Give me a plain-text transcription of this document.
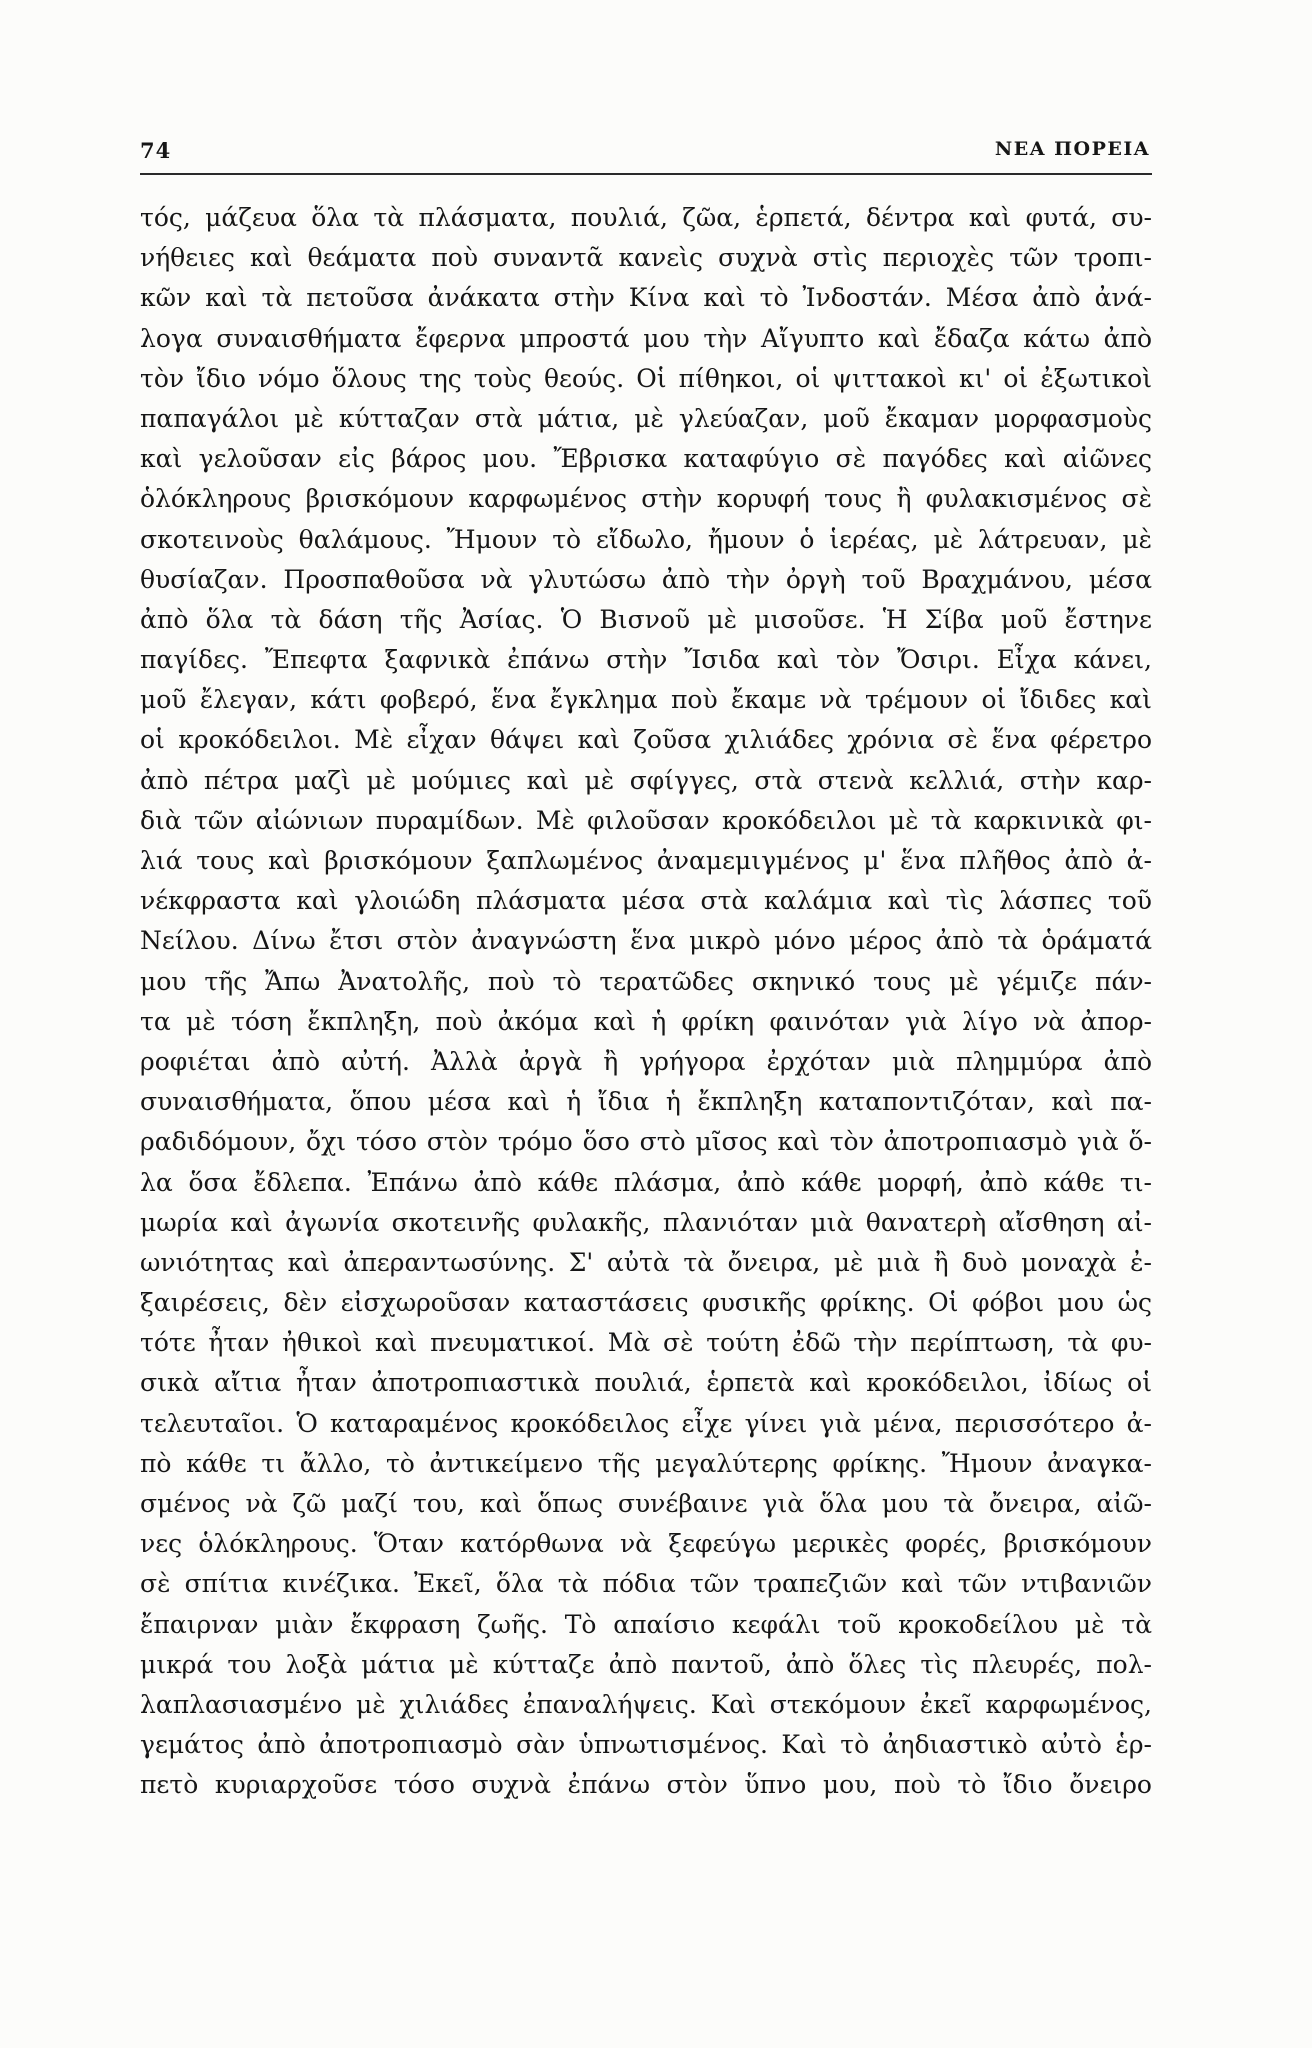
74	ΝΕΑ ΠΟΡΕΙΑ
τός, μάζευα ὅλα τὰ πλάσματα, πουλιά, ζῶα, ἑρπετά, δέντρα καὶ φυτά, συ-
νήθειες καὶ θεάματα ποὺ συναντᾶ κανεὶς συχνὰ στὶς περιοχὲς τῶν τροπι-
κῶν καὶ τὰ πετοῦσα ἀνάκατα στὴν Κίνα καὶ τὸ Ἰνδοστάν. Μέσα ἀπὸ ἀνά-
λογα συναισθήματα ἔφερνα μπροστά μου τὴν Αἴγυπτο καὶ ἔδαζα κάτω ἀπὸ
τὸν ἴδιο νόμο ὅλους της τοὺς θεούς. Οἱ πίθηκοι, οἱ ψιττακοὶ κι' οἱ ἐξωτικοὶ
παπαγάλοι μὲ κύτταζαν στὰ μάτια, μὲ γλεύαζαν, μοῦ ἔκαμαν μορφασμοὺς
καὶ γελοῦσαν εἰς βάρος μου. Ἔβρισκα καταφύγιο σὲ παγόδες καὶ αἰῶνες
ὁλόκληρους βρισκόμουν καρφωμένος στὴν κορυφή τους ἢ φυλακισμένος σὲ
σκοτεινοὺς θαλάμους. Ἤμουν τὸ εἴδωλο, ἤμουν ὁ ἱερέας, μὲ λάτρευαν, μὲ
θυσίαζαν. Προσπαθοῦσα νὰ γλυτώσω ἀπὸ τὴν ὀργὴ τοῦ Βραχμάνου, μέσα
ἀπὸ ὅλα τὰ δάση τῆς Ἀσίας. Ὁ Βισνοῦ μὲ μισοῦσε. Ἡ Σίβα μοῦ ἔστηνε
παγίδες. Ἔπεφτα ξαφνικὰ ἐπάνω στὴν Ἴσιδα καὶ τὸν Ὄσιρι. Εἶχα κάνει,
μοῦ ἔλεγαν, κάτι φοβερό, ἕνα ἔγκλημα ποὺ ἔκαμε νὰ τρέμουν οἱ ἴδιδες καὶ
οἱ κροκόδειλοι. Μὲ εἶχαν θάψει καὶ ζοῦσα χιλιάδες χρόνια σὲ ἕνα φέρετρο
ἀπὸ πέτρα μαζὶ μὲ μούμιες καὶ μὲ σφίγγες, στὰ στενὰ κελλιά, στὴν καρ-
διὰ τῶν αἰώνιων πυραμίδων. Μὲ φιλοῦσαν κροκόδειλοι μὲ τὰ καρκινικὰ φι-
λιά τους καὶ βρισκόμουν ξαπλωμένος ἀναμεμιγμένος μ' ἕνα πλῆθος ἀπὸ ἀ-
νέκφραστα καὶ γλοιώδη πλάσματα μέσα στὰ καλάμια καὶ τὶς λάσπες τοῦ
Νείλου. Δίνω ἔτσι στὸν ἀναγνώστη ἕνα μικρὸ μόνο μέρος ἀπὸ τὰ ὁράματά
μου τῆς Ἄπω Ἀνατολῆς, ποὺ τὸ τερατῶδες σκηνικό τους μὲ γέμιζε πάν-
τα μὲ τόση ἔκπληξη, ποὺ ἀκόμα καὶ ἡ φρίκη φαινόταν γιὰ λίγο νὰ ἀπορ-
ροφιέται ἀπὸ αὐτή. Ἀλλὰ ἀργὰ ἢ γρήγορα ἐρχόταν μιὰ πλημμύρα ἀπὸ
συναισθήματα, ὅπου μέσα καὶ ἡ ἴδια ἡ ἔκπληξη καταποντιζόταν, καὶ πα-
ραδιδόμουν, ὄχι τόσο στὸν τρόμο ὅσο στὸ μῖσος καὶ τὸν ἀποτροπιασμὸ γιὰ ὅ-
λα ὅσα ἔδλεπα. Ἐπάνω ἀπὸ κάθε πλάσμα, ἀπὸ κάθε μορφή, ἀπὸ κάθε τι-
μωρία καὶ ἀγωνία σκοτεινῆς φυλακῆς, πλανιόταν μιὰ θανατερὴ αἴσθηση αἰ-
ωνιότητας καὶ ἀπεραντωσύνης. Σ' αὐτὰ τὰ ὄνειρα, μὲ μιὰ ἢ δυὸ μοναχὰ ἐ-
ξαιρέσεις, δὲν εἰσχωροῦσαν καταστάσεις φυσικῆς φρίκης. Οἱ φόβοι μου ὡς
τότε ἦταν ἠθικοὶ καὶ πνευματικοί. Μὰ σὲ τούτη ἐδῶ τὴν περίπτωση, τὰ φυ-
σικὰ αἴτια ἦταν ἀποτροπιαστικὰ πουλιά, ἑρπετὰ καὶ κροκόδειλοι, ἰδίως οἱ
τελευταῖοι. Ὁ καταραμένος κροκόδειλος εἶχε γίνει γιὰ μένα, περισσότερο ἀ-
πὸ κάθε τι ἄλλο, τὸ ἀντικείμενο τῆς μεγαλύτερης φρίκης. Ἤμουν ἀναγκα-
σμένος νὰ ζῶ μαζί του, καὶ ὅπως συνέβαινε γιὰ ὅλα μου τὰ ὄνειρα, αἰῶ-
νες ὁλόκληρους. Ὅταν κατόρθωνα νὰ ξεφεύγω μερικὲς φορές, βρισκόμουν
σὲ σπίτια κινέζικα. Ἐκεῖ, ὅλα τὰ πόδια τῶν τραπεζιῶν καὶ τῶν ντιβανιῶν
ἔπαιρναν μιὰν ἔκφραση ζωῆς. Τὸ απαίσιο κεφάλι τοῦ κροκοδείλου μὲ τὰ
μικρά του λοξὰ μάτια μὲ κύτταζε ἀπὸ παντοῦ, ἀπὸ ὅλες τὶς πλευρές, πολ-
λαπλασιασμένο μὲ χιλιάδες ἐπαναλήψεις. Καὶ στεκόμουν ἐκεῖ καρφωμένος,
γεμάτος ἀπὸ ἀποτροπιασμὸ σὰν ὑπνωτισμένος. Καὶ τὸ ἀηδιαστικὸ αὐτὸ ἑρ-
πετὸ κυριαρχοῦσε τόσο συχνὰ ἐπάνω στὸν ὕπνο μου, ποὺ τὸ ἴδιο ὄνειρο
